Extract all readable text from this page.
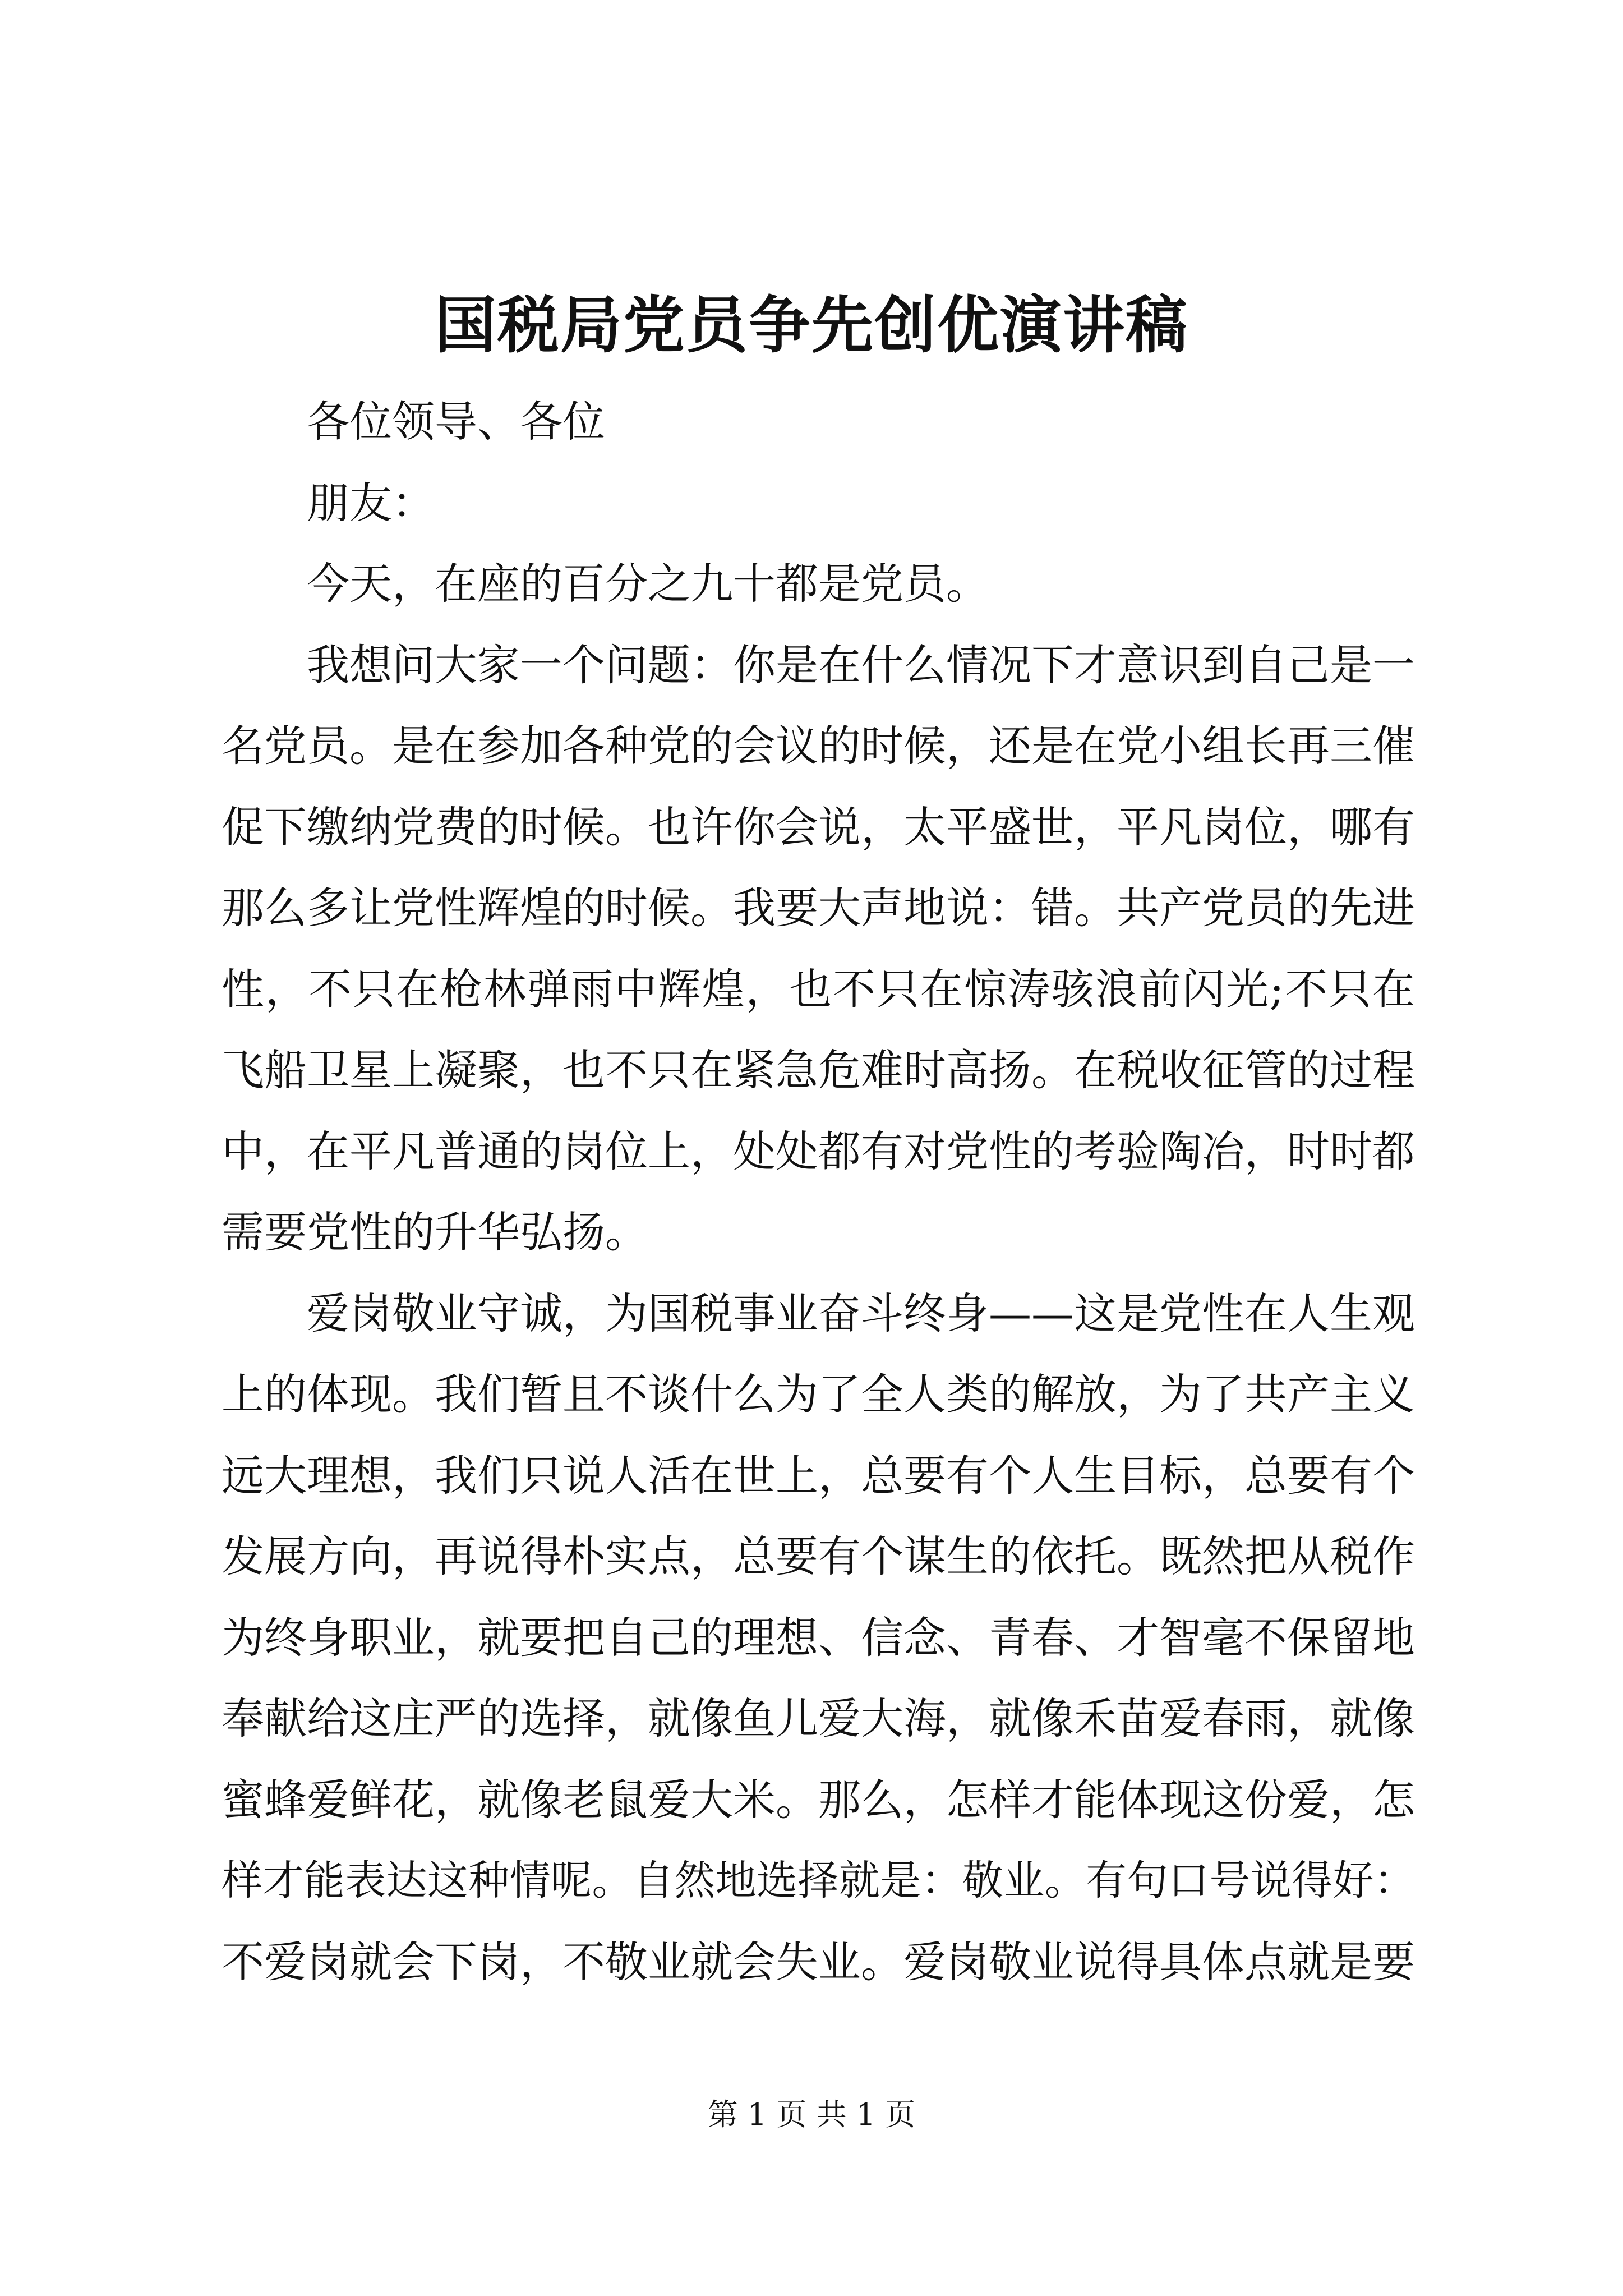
国税局党员争先创优演讲稿
各位领导、各位
朋友：
今天，在座的百分之九十都是党员。
我想问大家一个问题：你是在什么情况下才意识到自己是一
名党员。是在参加各种党的会议的时候，还是在党小组长再三催
促下缴纳党费的时候。也许你会说，太平盛世，平凡岗位，哪有
那么多让党性辉煌的时候。我要大声地说：错。共产党员的先进
性，不只在枪林弹雨中辉煌，也不只在惊涛骇浪前闪光;不只在
飞船卫星上凝聚，也不只在紧急危难时高扬。在税收征管的过程
中，在平凡普通的岗位上，处处都有对党性的考验陶冶，时时都
需要党性的升华弘扬。
爱岗敬业守诚，为国税事业奋斗终身——这是党性在人生观
上的体现。我们暂且不谈什么为了全人类的解放，为了共产主义
远大理想，我们只说人活在世上，总要有个人生目标，总要有个
发展方向，再说得朴实点，总要有个谋生的依托。既然把从税作
为终身职业，就要把自己的理想、信念、青春、才智毫不保留地
奉献给这庄严的选择，就像鱼儿爱大海，就像禾苗爱春雨，就像
蜜蜂爱鲜花，就像老鼠爱大米。那么，怎样才能体现这份爱，怎
样才能表达这种情呢。自然地选择就是：敬业。有句口号说得好：
不爱岗就会下岗，不敬业就会失业。爱岗敬业说得具体点就是要
第 1 页 共 1 页
